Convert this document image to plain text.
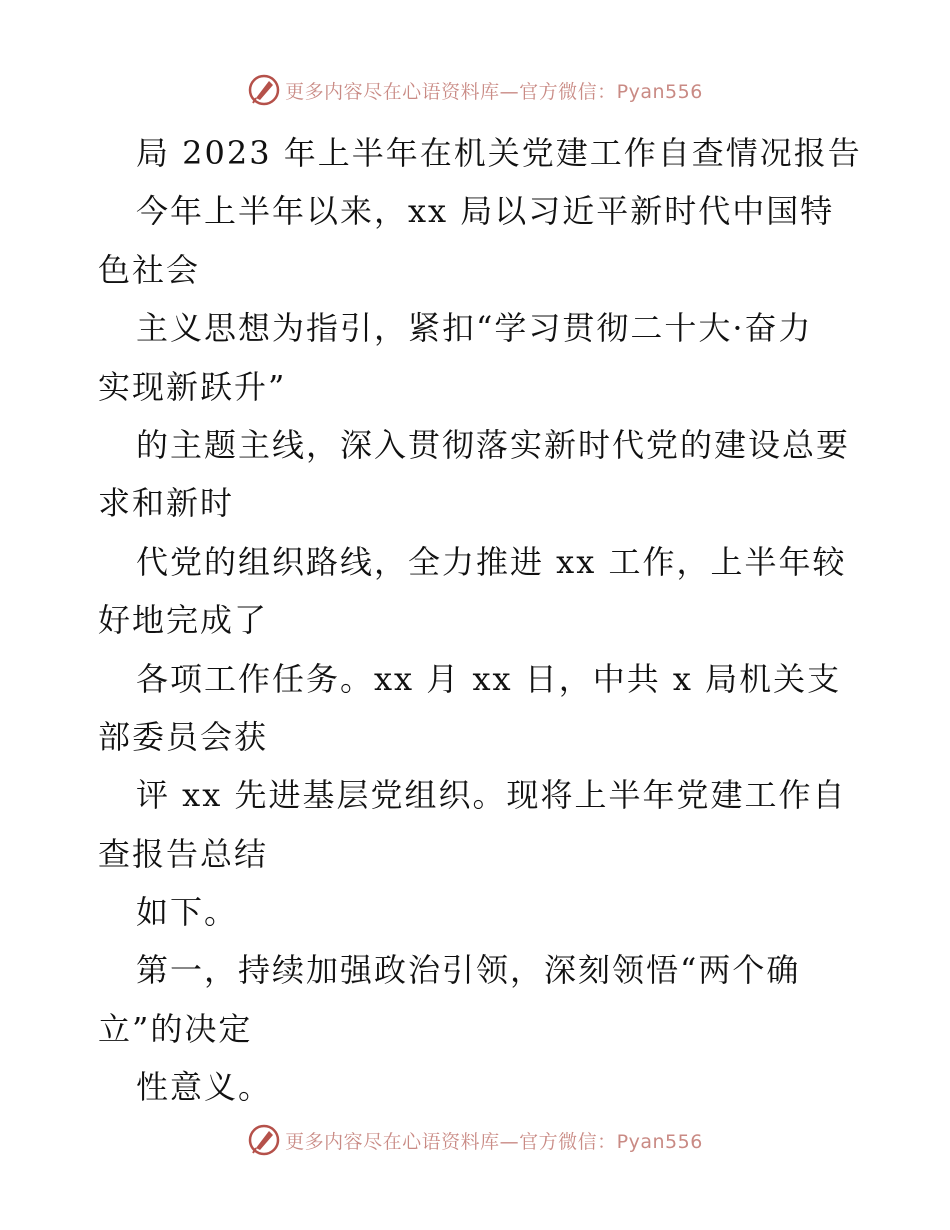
更多内容尽在心语资料库—官方微信：Pyan556
局 2023 年上半年在机关党建工作自查情况报告
今年上半年以来，xx 局以习近平新时代中国特
色社会
主义思想为指引，紧扣“学习贯彻二十大·奋力
实现新跃升”
的主题主线，深入贯彻落实新时代党的建设总要
求和新时
代党的组织路线，全力推进 xx 工作，上半年较
好地完成了
各项工作任务。xx 月 xx 日，中共 x 局机关支
部委员会获
评 xx 先进基层党组织。现将上半年党建工作自
查报告总结
如下。
第一，持续加强政治引领，深刻领悟“两个确
立”的决定
性意义。
更多内容尽在心语资料库—官方微信：Pyan556
